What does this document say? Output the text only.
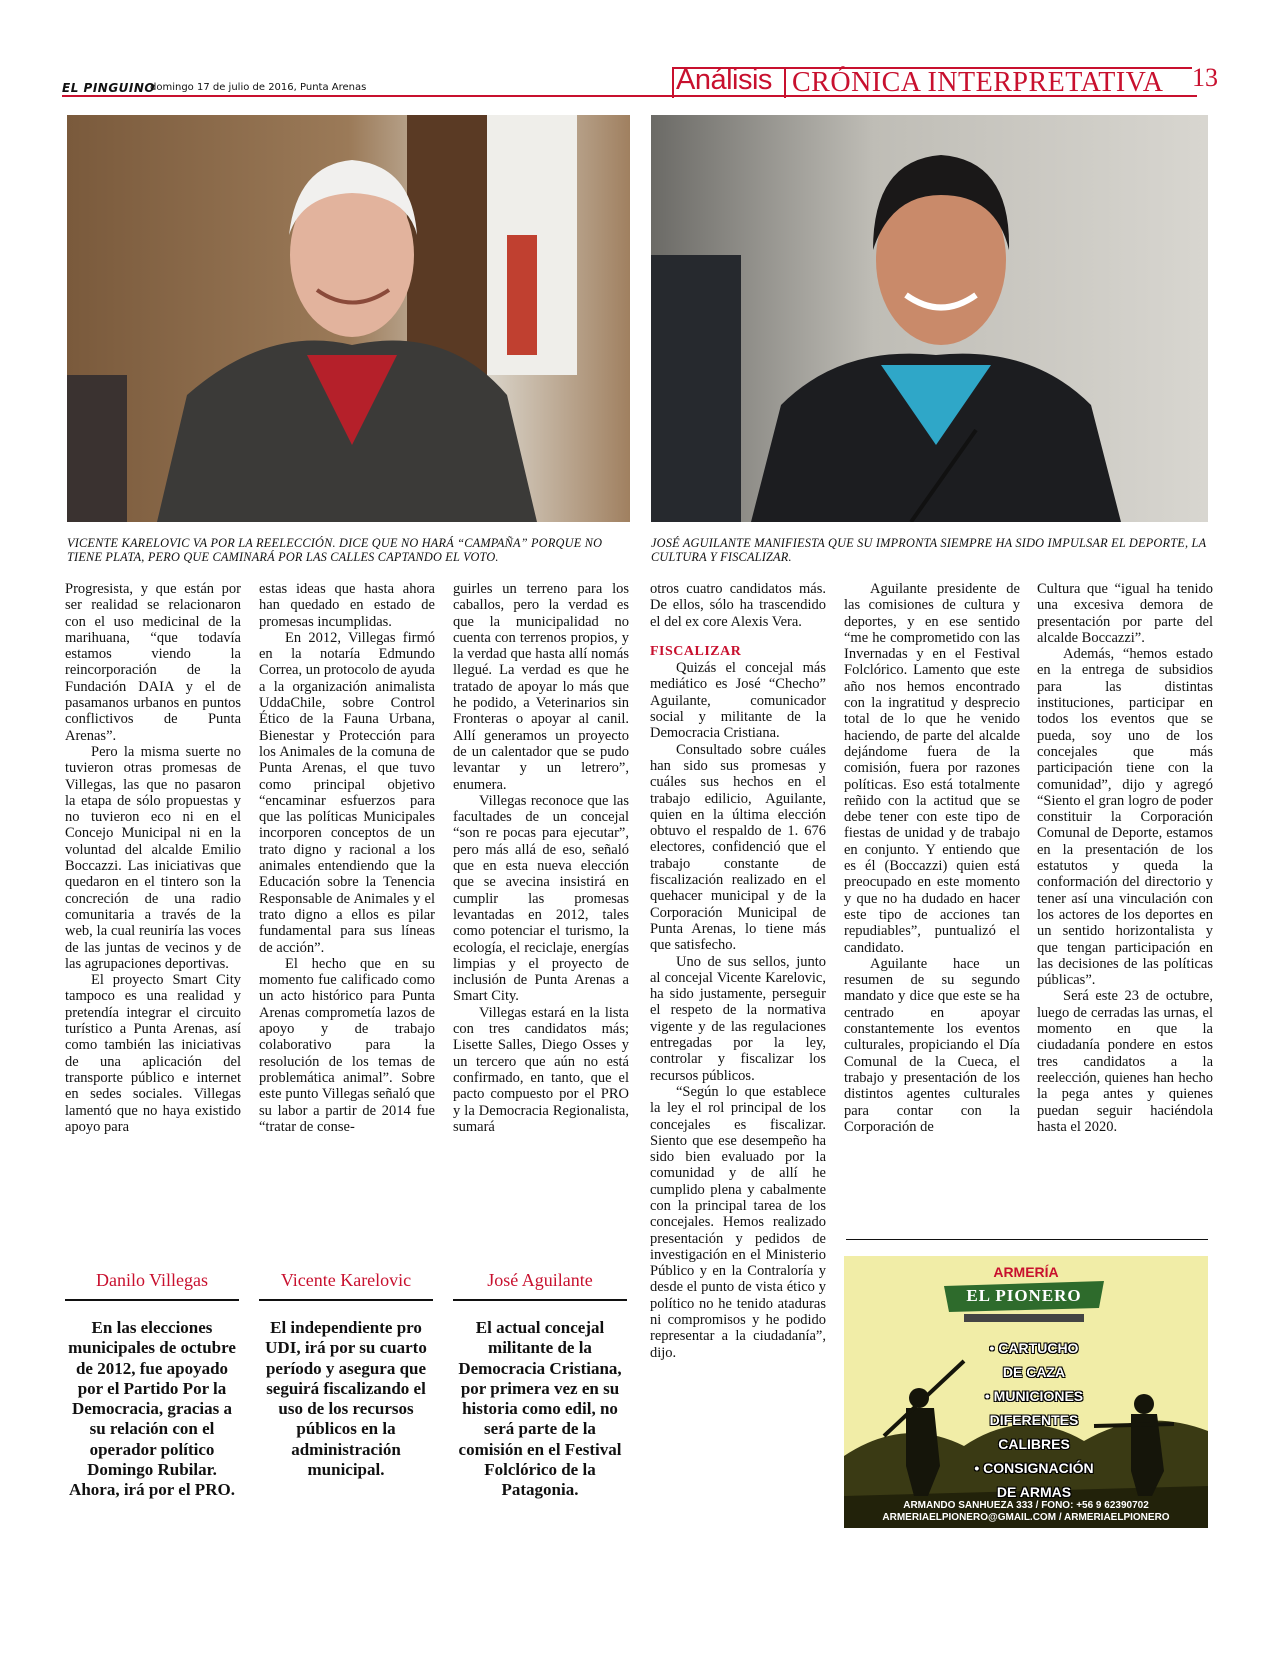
EL PINGUINO
domingo 17 de julio de 2016, Punta Arenas	Análisis CRÓNICA INTERPRETATIVA 13
VICENTE KARELOVIC VA POR LA REELECCIÓN. DICE QUE NO HARÁ “CAMPAÑA” PORQUE NO TIENE PLATA, PERO QUE CAMINARÁ POR LAS CALLES CAPTANDO EL VOTO.
JOSÉ AGUILANTE MANIFIESTA QUE SU IMPRONTA SIEMPRE HA SIDO IMPULSAR EL DEPORTE, LA CULTURA Y FISCALIZAR.

Progresista, y que están por ser realidad se relacionaron con el uso medicinal de la marihuana, “que todavía estamos viendo la reincorporación de la Fundación DAIA y el de pasamanos urbanos en puntos conflictivos de Punta Arenas”.

Pero la misma suerte no tuvieron otras promesas de Villegas, las que no pasaron la etapa de sólo propuestas y no tuvieron eco ni en el Concejo Municipal ni en la voluntad del alcalde Emilio Boccazzi. Las iniciativas que quedaron en el tintero son la concreción de una radio comunitaria a través de la web, la cual reuniría las voces de las juntas de vecinos y de las agrupaciones deportivas.

El proyecto Smart City tampoco es una realidad y pretendía integrar el circuito turístico a Punta Arenas, así como también las iniciativas de una aplicación del transporte público e internet en sedes sociales. Villegas lamentó que no haya existido apoyo para

estas ideas que hasta ahora han quedado en estado de promesas incumplidas.

En 2012, Villegas firmó en la notaría Edmundo Correa, un protocolo de ayuda a la organización animalista UddaChile, sobre Control Ético de la Fauna Urbana, Bienestar y Protección para los Animales de la comuna de Punta Arenas, el que tuvo como principal objetivo “encaminar esfuerzos para que las políticas Municipales incorporen conceptos de un trato digno y racional a los animales entendiendo que la Educación sobre la Tenencia Responsable de Animales y el trato digno a ellos es pilar fundamental para sus líneas de acción”.

El hecho que en su momento fue calificado como un acto histórico para Punta Arenas comprometía lazos de apoyo y de trabajo colaborativo para la resolución de los temas de problemática animal”. Sobre este punto Villegas señaló que su labor a partir de 2014 fue “tratar de conse-

guirles un terreno para los caballos, pero la verdad es que la municipalidad no cuenta con terrenos propios, y la verdad que hasta allí nomás llegué. La verdad es que he tratado de apoyar lo más que he podido, a Veterinarios sin Fronteras o apoyar al canil. Allí generamos un proyecto de un calentador que se pudo levantar y un letrero”, enumera.

Villegas reconoce que las facultades de un concejal “son re pocas para ejecutar”, pero más allá de eso, señaló que en esta nueva elección que se avecina insistirá en cumplir las promesas levantadas en 2012, tales como potenciar el turismo, la ecología, el reciclaje, energías limpias y el proyecto de inclusión de Punta Arenas a Smart City.

Villegas estará en la lista con tres candidatos más; Lisette Salles, Diego Osses y un tercero que aún no está confirmado, en tanto, que el pacto compuesto por el PRO y la Democracia Regionalista, sumará

otros cuatro candidatos más. De ellos, sólo ha trascendido el del ex core Alexis Vera.

FISCALIZAR

Quizás el concejal más mediático es José “Checho” Aguilante, comunicador social y militante de la Democracia Cristiana.

Consultado sobre cuáles han sido sus promesas y cuáles sus hechos en el trabajo edilicio, Aguilante, quien en la última elección obtuvo el respaldo de 1. 676 electores, confidenció que el trabajo constante de fiscalización realizado en el quehacer municipal y de la Corporación Municipal de Punta Arenas, lo tiene más que satisfecho.

Uno de sus sellos, junto al concejal Vicente Karelovic, ha sido justamente, perseguir el respeto de la normativa vigente y de las regulaciones entregadas por la ley, controlar y fiscalizar los recursos públicos.

“Según lo que establece la ley el rol principal de los concejales es fiscalizar. Siento que ese desempeño ha sido bien evaluado por la comunidad y de allí he cumplido plena y cabalmente con la principal tarea de los concejales. Hemos realizado presentación y pedidos de investigación en el Ministerio Público y en la Contraloría y desde el punto de vista ético y político no he tenido ataduras ni compromisos y he podido representar a la ciudadanía”, dijo.

Aguilante presidente de las comisiones de cultura y deportes, y en ese sentido “me he comprometido con las Invernadas y en el Festival Folclórico. Lamento que este año nos hemos encontrado con la ingratitud y desprecio total de lo que he venido haciendo, de parte del alcalde dejándome fuera de la comisión, fuera por razones políticas. Eso está totalmente reñido con la actitud que se debe tener con este tipo de fiestas de unidad y de trabajo en conjunto. Y entiendo que es él (Boccazzi) quien está preocupado en este momento y que no ha dudado en hacer este tipo de acciones tan repudiables”, puntualizó el candidato.

Aguilante hace un resumen de su segundo mandato y dice que este se ha centrado en apoyar constantemente los eventos culturales, propiciando el Día Comunal de la Cueca, el trabajo y presentación de los distintos agentes culturales para contar con la Corporación de

Cultura que “igual ha tenido una excesiva demora de presentación por parte del alcalde Boccazzi”.

Además, “hemos estado en la entrega de subsidios para las distintas instituciones, participar en todos los eventos que se pueda, soy uno de los concejales que más participación tiene con la comunidad”, dijo y agregó “Siento el gran logro de poder constituir la Corporación Comunal de Deporte, estamos en la presentación de los estatutos y queda la conformación del directorio y tener así una vinculación con los actores de los deportes en un sentido horizontalista y que tengan participación en las decisiones de las políticas públicas”.

Será este 23 de octubre, luego de cerradas las urnas, el momento en que la ciudadanía pondere en estos tres candidatos a la reelección, quienes han hecho la pega antes y quienes puedan seguir haciéndola hasta el 2020.

Danilo Villegas
En las elecciones municipales de octubre de 2012, fue apoyado por el Partido Por la Democracia, gracias a su relación con el operador político Domingo Rubilar. Ahora, irá por el PRO.
Vicente Karelovic
El independiente pro UDI, irá por su cuarto período y asegura que seguirá fiscalizando el uso de los recursos públicos en la administración municipal.
José Aguilante
El actual concejal militante de la Democracia Cristiana, por primera vez en su historia como edil, no será parte de la comisión en el Festival Folclórico de la Patagonia.
ARMERÍA
EL PIONERO
• CARTUCHO
DE CAZA
• MUNICIONES
DIFERENTES
CALIBRES
• CONSIGNACIÓN
DE ARMAS
ARMANDO SANHUEZA 333 / FONO: +56 9 62390702
ARMERIAELPIONERO@GMAIL.COM / ARMERIAELPIONERO
